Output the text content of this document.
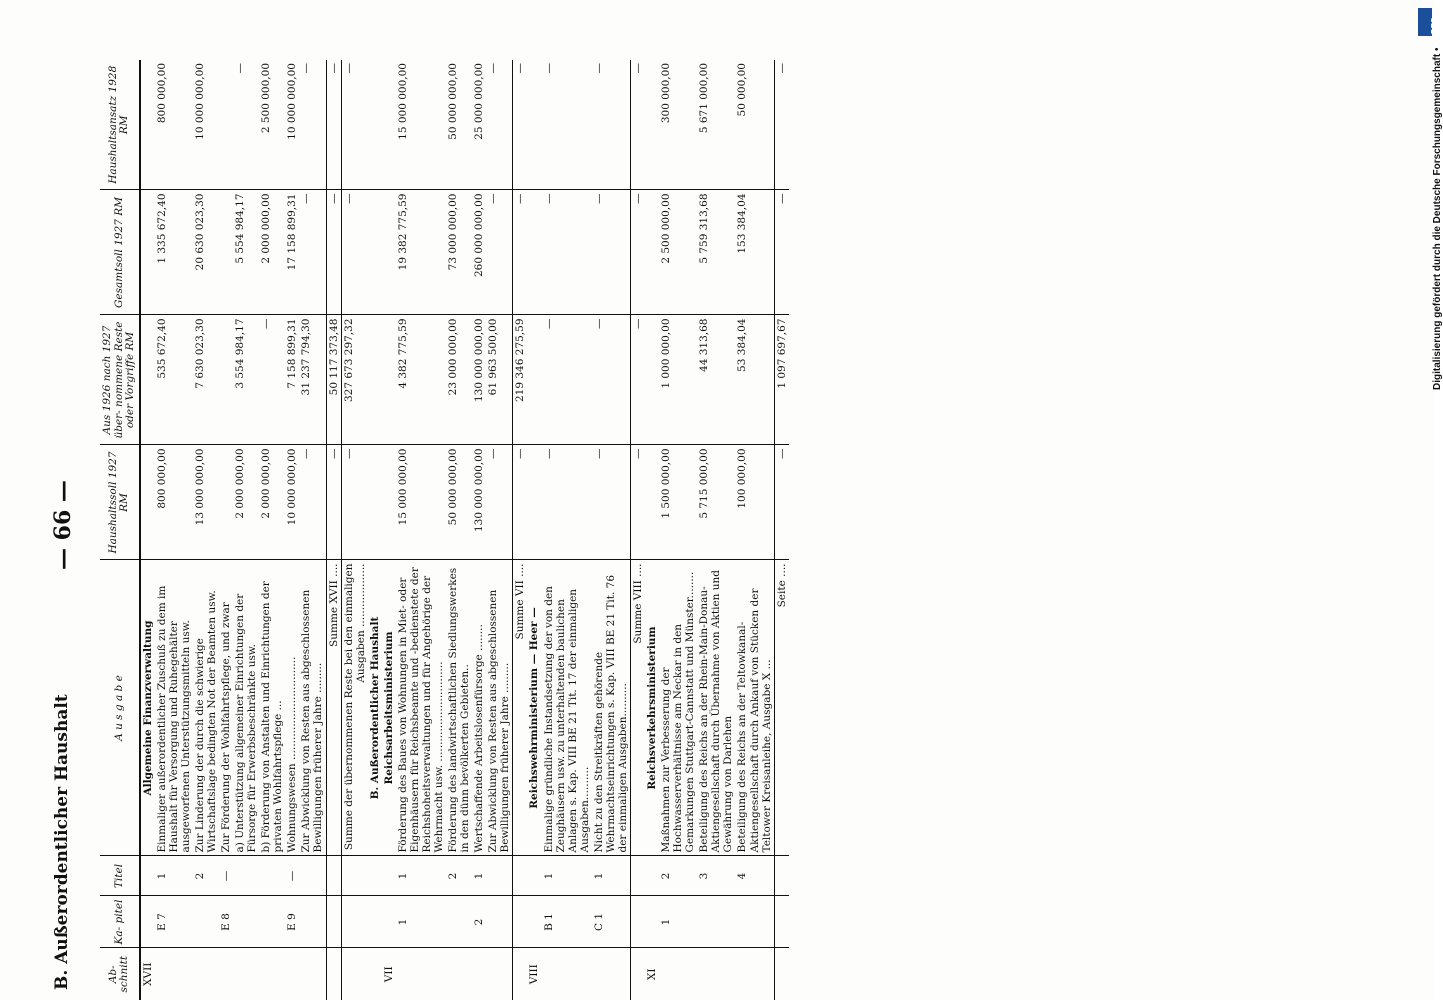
B. Außerordentlicher Haushalt
— 66 —
Ab- schnitt	Ka- pitel	Titel	A u s g a b e	Haushaltssoll 1927 RM	Aus 1926 nach 1927 über- nommene Reste oder Vorgriffe RM	Gesamtsoll 1927 RM	Haushaltsansatz 1928 RM
XVII			Allgemeine Finanzverwaltung				
	E 7	1	Einmaliger außerordentlicher Zuschuß zu dem im Haushalt für Versorgung und Ruhegehälter ausgeworfenen Unterstützungsmitteln usw.	800 000,00	535 672,40	1 335 672,40	800 000,00
		2	Zur Linderung der durch die schwierige Wirtschaftslage bedingten Not der Beamten usw.	13 000 000,00	7 630 023,30	20 630 023,30	10 000 000,00
	E 8	—	Zur Förderung der Wohlfahrtspflege, und zwar				
			a) Unterstützung allgemeiner Einrichtungen der Fürsorge für Erwerbsbeschränkte usw.	2 000 000,00	3 554 984,17	5 554 984,17	—
			b) Förderung von Anstalten und Einrichtungen der privaten Wohlfahrtspflege ...	2 000 000,00	—	2 000 000,00	2 500 000,00
	E 9	—	Wohnungswesen ...............................	10 000 000,00	7 158 899,31	17 158 899,31	10 000 000,00
			Zur Abwicklung von Resten aus abgeschlossenen Bewilligungen früherer Jahre .........	—	31 237 794,30	—	—
			Summe XVII ....	—	50 117 373,48	—	—
			Summe der übernommenen Reste bei den einmaligen Ausgaben ...................	—	327 673 297,32	—	—
			B. Außerordentlicher Haushalt				
VII			Reichsarbeitsministerium				
	1	1	Förderung des Baues von Wohnungen in Miet- oder Eigenhäusern für Reichsbeamte und -bedienstete der Reichshoheitsverwaltungen und für Angehörige der Wehrmacht usw. ..............................	15 000 000,00	4 382 775,59	19 382 775,59	15 000 000,00
		2	Förderung des landwirtschaftlichen Siedlungswerkes in den dünn bevölkerten Gebieten..	50 000 000,00	23 000 000,00	73 000 000,00	50 000 000,00
	2	1	Wertschaffende Arbeitslosenfürsorge ........	130 000 000,00	130 000 000,00	260 000 000,00	25 000 000,00
			Zur Abwicklung von Resten aus abgeschlossenen Bewilligungen früherer Jahre .........	—	61 963 500,00	—	—
			Summe VII ....	—	219 346 275,59	—	—
VIII			Reichswehrministerium — Heer —				
	B 1	1	Einmalige gründliche Instandsetzung der von den Zeughäusern usw. zu unterhaltenden baulichen Anlagen s. Kap. VIII BE 21 Tit. 17 der einmaligen Ausgaben..........	—	—	—	—
	C 1	1	Nicht zu den Streitkräften gehörende Wehrmachtseinrichtungen s. Kap. VIII BE 21 Tit. 76 der einmaligen Ausgaben..........	—	—	—	—
			Summe VIII ....	—	—	—	—
XI			Reichsverkehrsministerium				
	1	2	Maßnahmen zur Verbesserung der Hochwasserverhältnisse am Neckar in den Gemarkungen Stuttgart-Cannstatt und Münster........	1 500 000,00	1 000 000,00	2 500 000,00	300 000,00
		3	Beteiligung des Reichs an der Rhein-Main-Donau-Aktiengesellschaft durch Übernahme von Aktien und Gewährung von Darlehen	5 715 000,00	44 313,68	5 759 313,68	5 671 000,00
		4	Beteiligung des Reichs an der Teltowkanal-Aktiengesellschaft durch Ankauf von Stücken der Teltower Kreisanleihe, Ausgabe X ...	100 000,00	53 384,04	153 384,04	50 000,00
			Seite ....	—	1 097 697,67	—	—
DFG
Digitalisierung gefördert durch die Deutsche Forschungsgemeinschaft •
